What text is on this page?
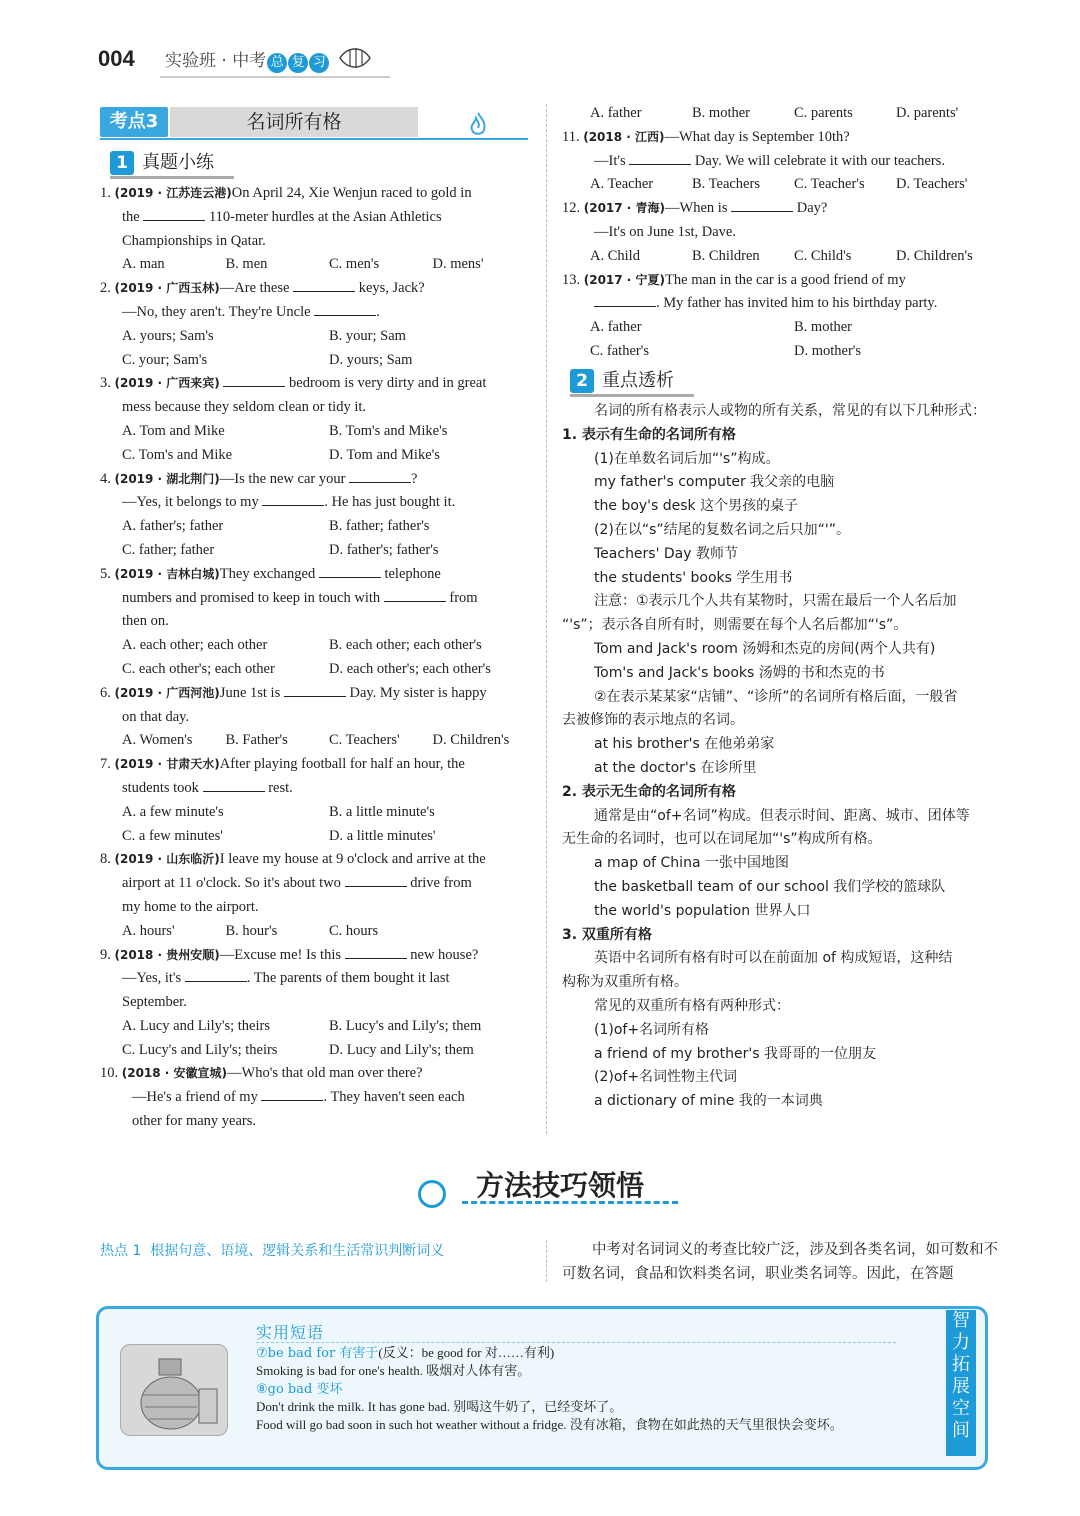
004 实验班 · 中考 总 复 习
考点3	名词所有格
1 真题小练

1. (2019 · 江苏连云港)On April 24, Xie Wenjun raced to gold in

the	110-meter hurdles at the Asian Athletics

Championships in Qatar.

A. man	B. men	C. men's	D. mens'

2. (2019 · 广西玉林)—Are these	keys, Jack?

—No, they aren't. They're Uncle	.

A. yours; Sam's	B. your; Sam

C. your; Sam's	D. yours; Sam

3. (2019 · 广西来宾)	bedroom is very dirty and in great

mess because they seldom clean or tidy it.

A. Tom and Mike	B. Tom's and Mike's

C. Tom's and Mike	D. Tom and Mike's

4. (2019 · 湖北荆门)—Is the new car your	?

—Yes, it belongs to my	. He has just bought it.

A. father's; father	B. father; father's

C. father; father	D. father's; father's

5. (2019 · 吉林白城)They exchanged	telephone

numbers and promised to keep in touch with	from

then on.

A. each other; each other	B. each other; each other's

C. each other's; each other	D. each other's; each other's

6. (2019 · 广西河池)June 1st is	Day. My sister is happy

on that day.

A. Women's	B. Father's	C. Teachers'	D. Children's

7. (2019 · 甘肃天水)After playing football for half an hour, the

students took	rest.

A. a few minute's	B. a little minute's

C. a few minutes'	D. a little minutes'

8. (2019 · 山东临沂)I leave my house at 9 o'clock and arrive at the

airport at 11 o'clock. So it's about two	drive from

my home to the airport.

A. hours'	B. hour's	C. hours

9. (2018 · 贵州安顺)—Excuse me! Is this	new house?

—Yes, it's	. The parents of them bought it last

September.

A. Lucy and Lily's; theirs	B. Lucy's and Lily's; them

C. Lucy's and Lily's; theirs	D. Lucy and Lily's; them

10. (2018 · 安徽宣城)—Who's that old man over there?

—He's a friend of my	. They haven't seen each

other for many years.

A. father	B. mother	C. parents	D. parents'

11. (2018 · 江西)—What day is September 10th?

—It's	Day. We will celebrate it with our teachers.

A. Teacher	B. Teachers	C. Teacher's	D. Teachers'

12. (2017 · 青海)—When is	Day?

—It's on June 1st, Dave.

A. Child	B. Children	C. Child's	D. Children's

13. (2017 · 宁夏)The man in the car is a good friend of my

. My father has invited him to his birthday party.

A. father	B. mother

C. father's	D. mother's

2 重点透析

名词的所有格表示人或物的所有关系，常见的有以下几种形式：

1. 表示有生命的名词所有格

(1)在单数名词后加“'s”构成。

my father's computer 我父亲的电脑

the boy's desk 这个男孩的桌子

(2)在以“s”结尾的复数名词之后只加“'”。

Teachers' Day 教师节

the students' books 学生用书

注意：①表示几个人共有某物时，只需在最后一个人名后加

“'s”；表示各自所有时，则需要在每个人名后都加“'s”。

Tom and Jack's room 汤姆和杰克的房间(两个人共有)

Tom's and Jack's books 汤姆的书和杰克的书

②在表示某某家“店铺”、“诊所”的名词所有格后面，一般省

去被修饰的表示地点的名词。

at his brother's 在他弟弟家

at the doctor's 在诊所里

2. 表示无生命的名词所有格

通常是由“of+名词”构成。但表示时间、距离、城市、团体等

无生命的名词时，也可以在词尾加“'s”构成所有格。

a map of China 一张中国地图

the basketball team of our school 我们学校的篮球队

the world's population 世界人口

3. 双重所有格

英语中名词所有格有时可以在前面加 of 构成短语，这种结

构称为双重所有格。

常见的双重所有格有两种形式：

(1)of+名词所有格

a friend of my brother's 我哥哥的一位朋友

(2)of+名词性物主代词

a dictionary of mine 我的一本词典

方法技巧领悟
热点 1 根据句意、语境、逻辑关系和生活常识判断词义	中考对名词词义的考查比较广泛，涉及到各类名词，如可数和不可数名词，食品和饮料类名词，职业类名词等。因此，在答题
实用短语
⑦be bad for 有害于(反义：be good for 对……有利)
Smoking is bad for one's health. 吸烟对人体有害。
⑧go bad 变坏
Don't drink the milk. It has gone bad. 别喝这牛奶了，已经变坏了。
Food will go bad soon in such hot weather without a fridge. 没有冰箱，食物在如此热的天气里很快会变坏。
智
力
拓
展
空
间
